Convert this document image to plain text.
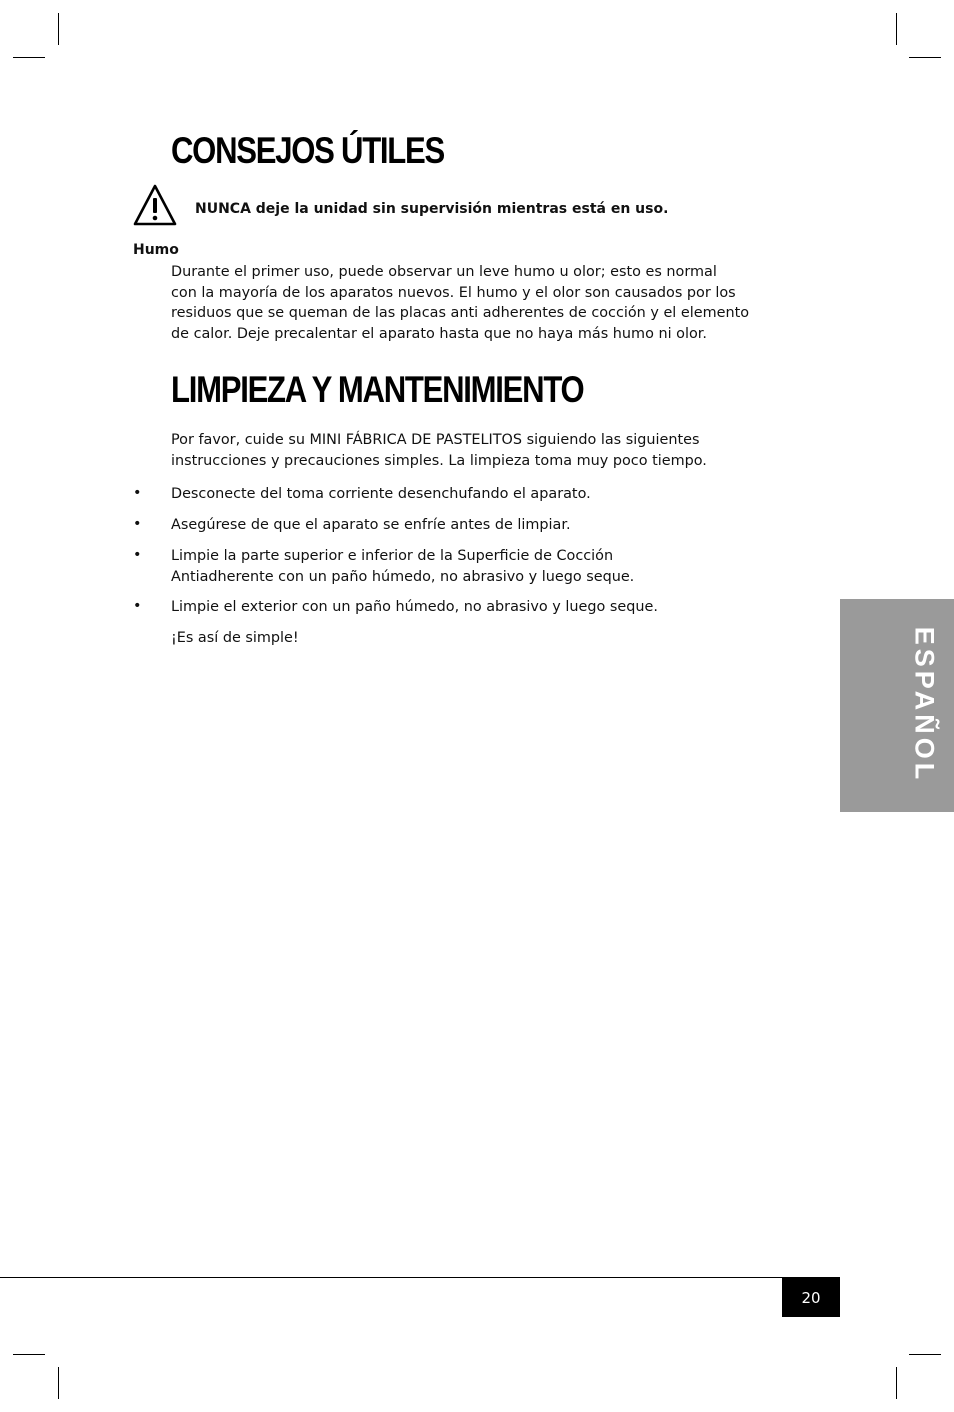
CONSEJOS ÚTILES
NUNCA deje la unidad sin supervisión mientras está en uso.
Humo
Durante el primer uso, puede observar un leve humo u olor; esto es normal
con la mayoría de los aparatos nuevos. El humo y el olor son causados por los
residuos que se queman de las placas anti adherentes de cocción y el elemento
de calor. Deje precalentar el aparato hasta que no haya más humo ni olor.
LIMPIEZA Y MANTENIMIENTO
Por favor, cuide su MINI FÁBRICA DE PASTELITOS siguiendo las siguientes
instrucciones y precauciones simples. La limpieza toma muy poco tiempo.
• Desconecte del toma corriente desenchufando el aparato.
• Asegúrese de que el aparato se enfríe antes de limpiar.
• Limpie la parte superior e inferior de la Superficie de Cocción
Antiadherente con un paño húmedo, no abrasivo y luego seque.
• Limpie el exterior con un paño húmedo, no abrasivo y luego seque.
¡Es así de simple!	ESPAÑOL
20
